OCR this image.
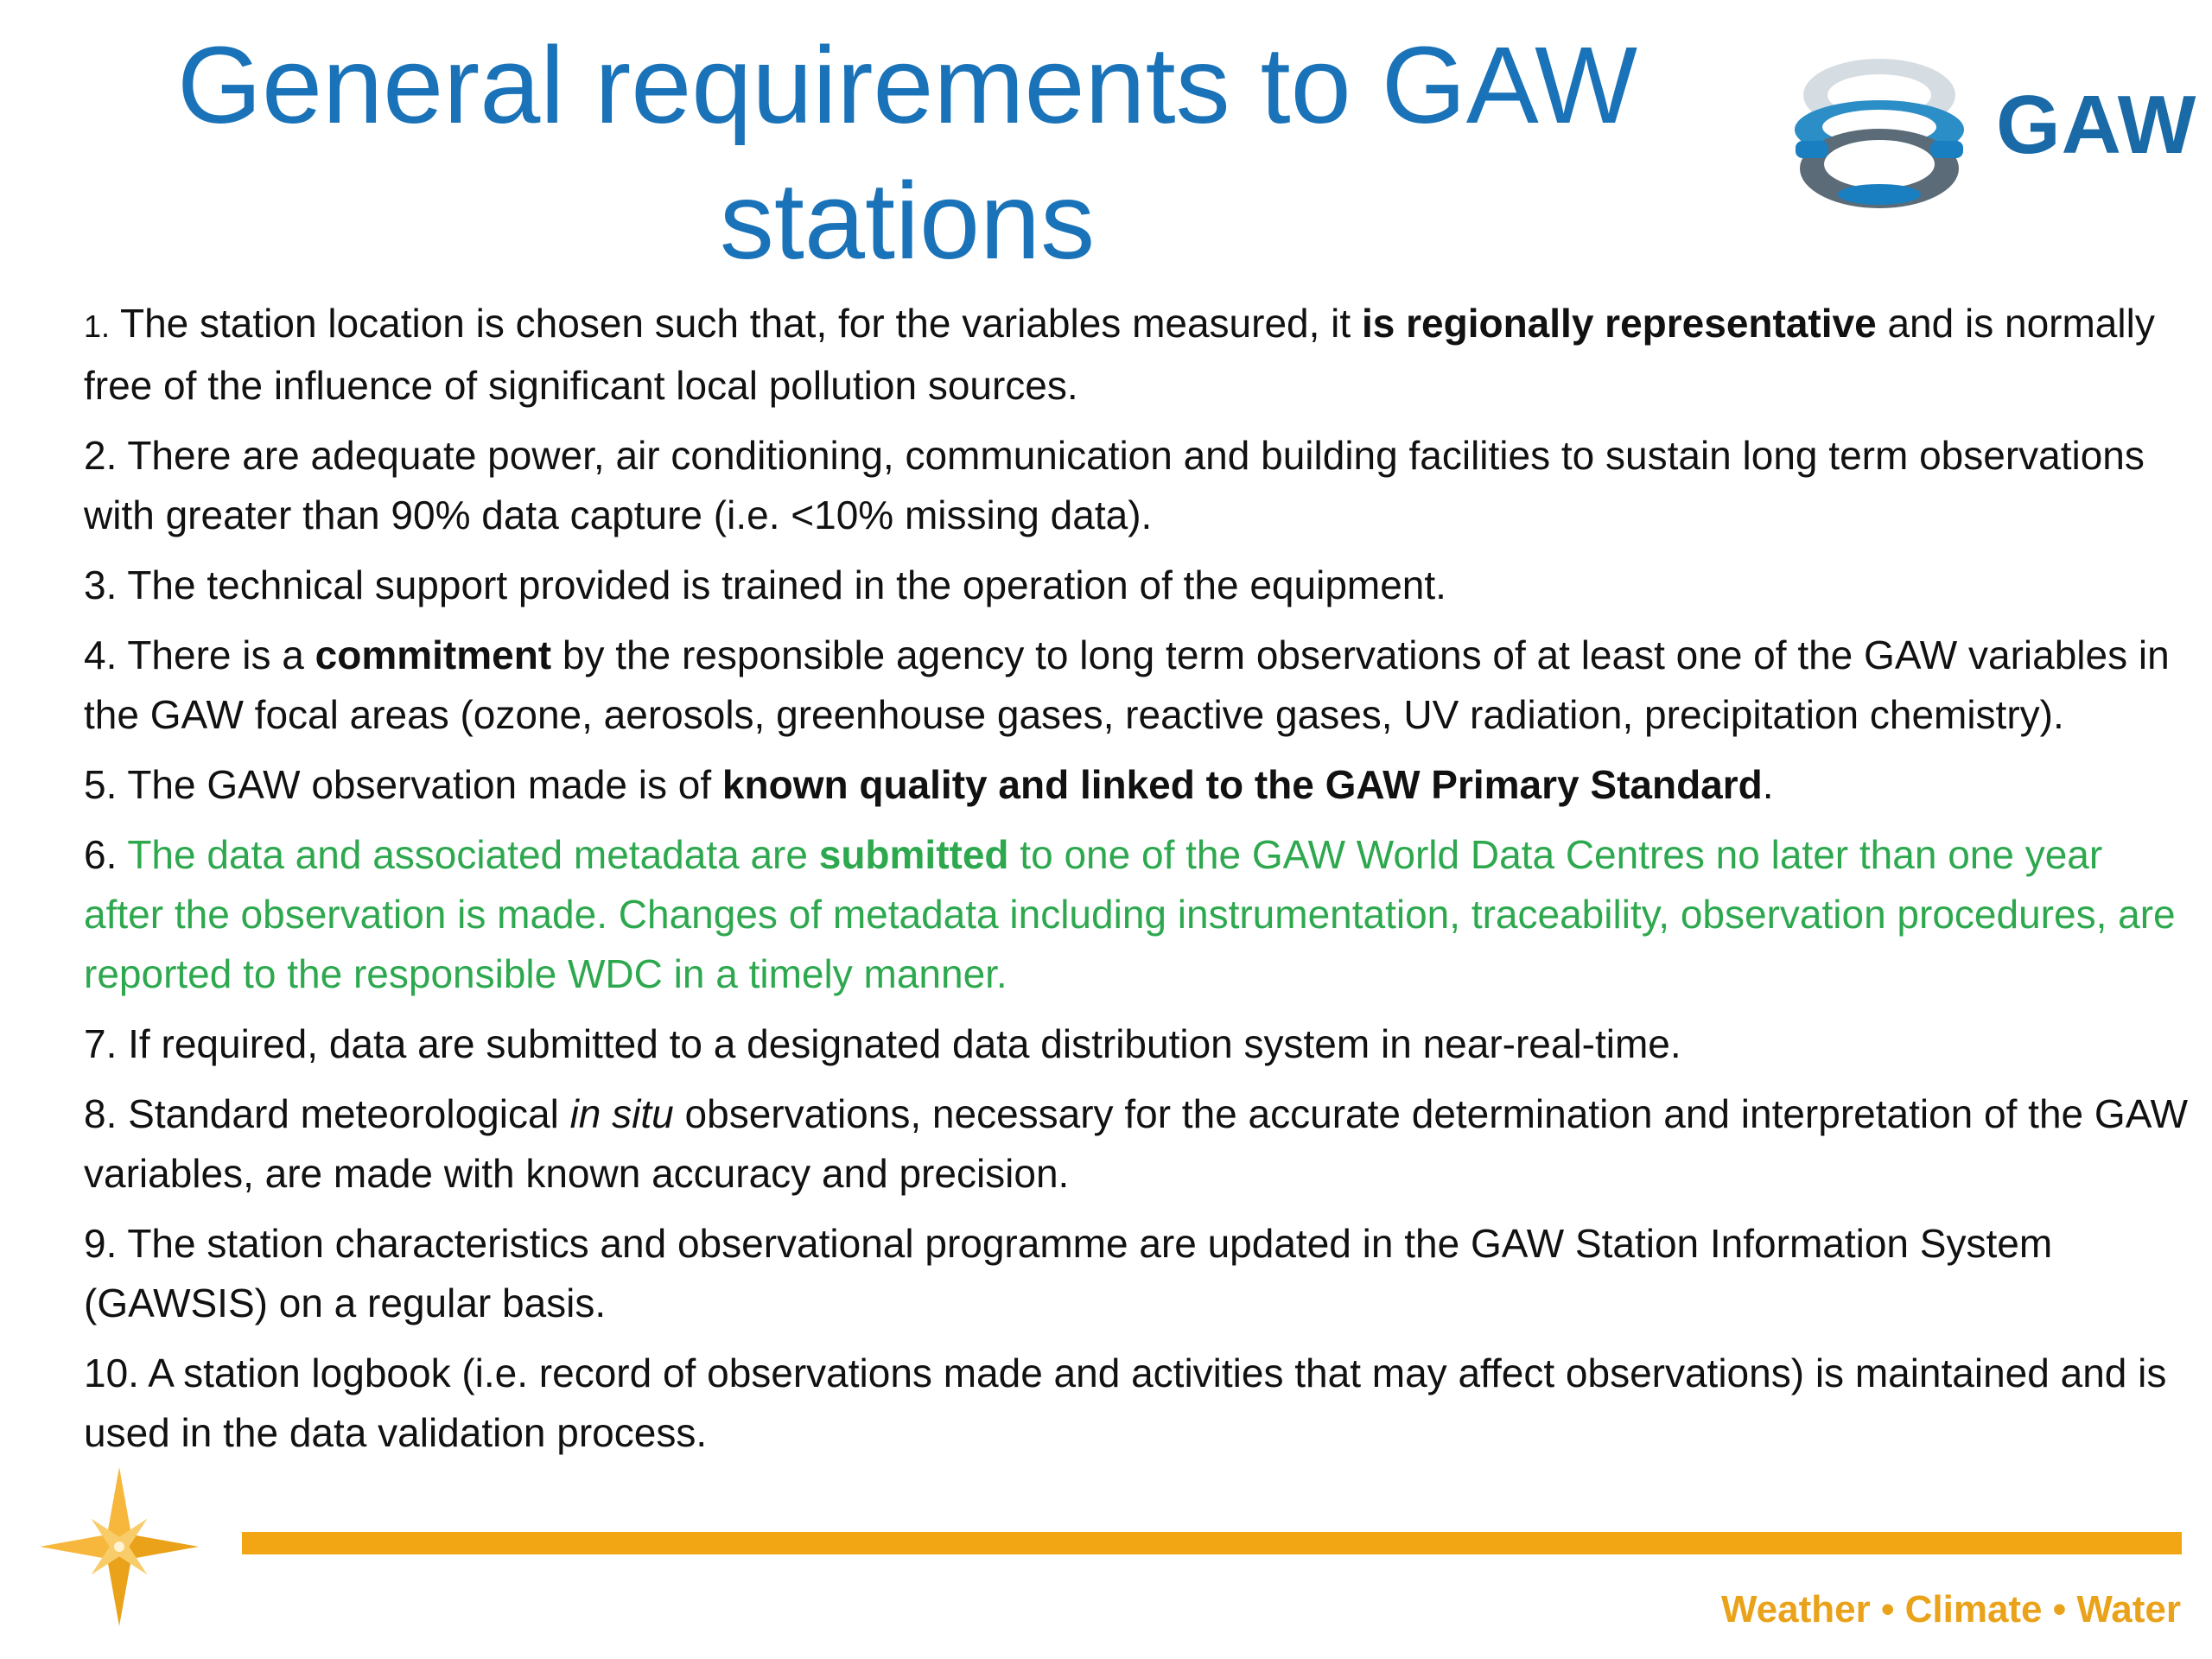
General requirements to GAW
stations
GAW

1. The station location is chosen such that, for the variables measured, it is regionally representative and is normally free of the influence of significant local pollution sources.

2. There are adequate power, air conditioning, communication and building facilities to sustain long term observations with greater than 90% data capture (i.e. <10% missing data).

3. The technical support provided is trained in the operation of the equipment.

4. There is a commitment by the responsible agency to long term observations of at least one of the GAW variables in the GAW focal areas (ozone, aerosols, greenhouse gases, reactive gases, UV radiation, precipitation chemistry).

5. The GAW observation made is of known quality and linked to the GAW Primary Standard.

6. The data and associated metadata are submitted to one of the GAW World Data Centres no later than one year after the observation is made. Changes of metadata including instrumentation, traceability, observation procedures, are reported to the responsible WDC in a timely manner.

7. If required, data are submitted to a designated data distribution system in near-real-time.

8. Standard meteorological in situ observations, necessary for the accurate determination and interpretation of the GAW variables, are made with known accuracy and precision.

9. The station characteristics and observational programme are updated in the GAW Station Information System (GAWSIS) on a regular basis.

10. A station logbook (i.e. record of observations made and activities that may affect observations) is maintained and is used in the data validation process.

Weather • Climate • Water
